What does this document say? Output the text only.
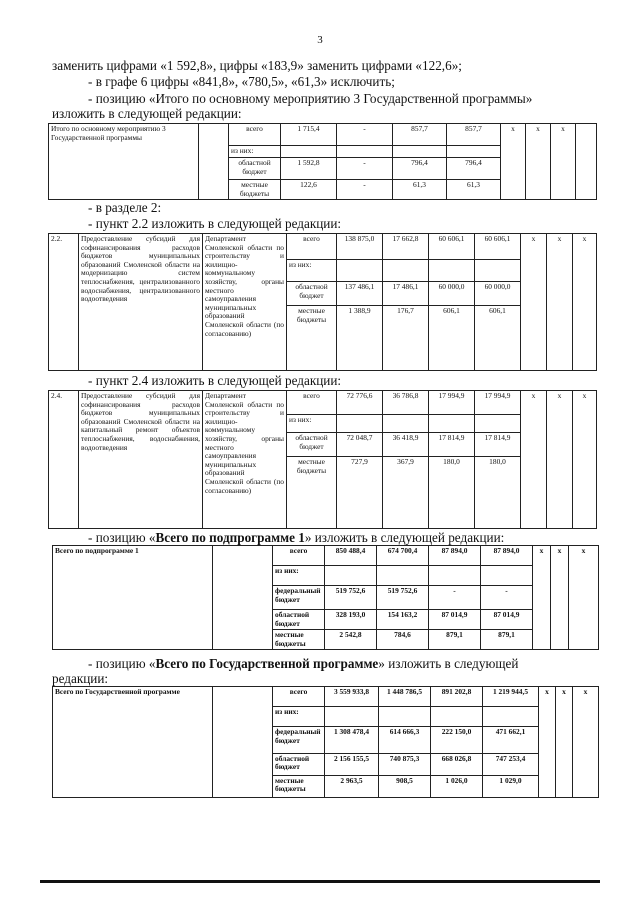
3
заменить цифрами «1 592,8», цифры «183,9» заменить цифрами «122,6»;
- в графе 6 цифры «841,8», «780,5», «61,3» исключить;
- позицию «Итого по основному мероприятию 3 Государственной программы»
изложить в следующей редакции:
Итого по основному мероприятию 3 Государственной программы		всего	1 715,4	-	857,7	857,7	x	x	x	
		из них:								
		областной бюджет	1 592,8	-	796,4	796,4				
		местные бюджеты	122,6	-	61,3	61,3				
- в разделе 2:
- пункт 2.2 изложить в следующей редакции:
2.2.	Предоставление субсидий для софинансирования расходов бюджетов муниципальных образований Смоленской области на модернизацию систем теплоснабжения, централизованного водоснабжения, централизованного водоотведения	Департамент Смоленской области по строительству и жилищно-коммунальному хозяйству, органы местного самоуправления муниципальных образований Смоленской области (по согласованию)	всего	138 875,0	17 662,8	60 606,1	60 606,1	x	x	x
			из них:							
			областной бюджет	137 486,1	17 486,1	60 000,0	60 000,0			
			местные бюджеты	1 388,9	176,7	606,1	606,1			
- пункт 2.4 изложить в следующей редакции:
2.4.	Предоставление субсидий для софинансирования расходов бюджетов муниципальных образований Смоленской области на капитальный ремонт объектов теплоснабжения, водоснабжения, водоотведения	Департамент Смоленской области по строительству и жилищно-коммунальному хозяйству, органы местного самоуправления муниципальных образований Смоленской области (по согласованию)	всего	72 776,6	36 786,8	17 994,9	17 994,9	x	x	x
			из них:							
			областной бюджет	72 048,7	36 418,9	17 814,9	17 814,9			
			местные бюджеты	727,9	367,9	180,0	180,0			
- позицию «Всего по подпрограмме 1» изложить в следующей редакции:
Всего по подпрограмме 1		всего	850 488,4	674 700,4	87 894,0	87 894,0	x	x	x
		из них:							
		федеральный бюджет	519 752,6	519 752,6	-	-			
		областной бюджет	328 193,0	154 163,2	87 014,9	87 014,9			
		местные бюджеты	2 542,8	784,6	879,1	879,1			
- позицию «Всего по Государственной программе» изложить в следующей
редакции:
Всего по Государственной программе		всего	3 559 933,8	1 448 786,5	891 202,8	1 219 944,5	x	x	x
		из них:							
		федеральный бюджет	1 308 478,4	614 666,3	222 150,0	471 662,1			
		областной бюджет	2 156 155,5	740 875,3	668 026,8	747 253,4			
		местные бюджеты	2 963,5	908,5	1 026,0	1 029,0			
